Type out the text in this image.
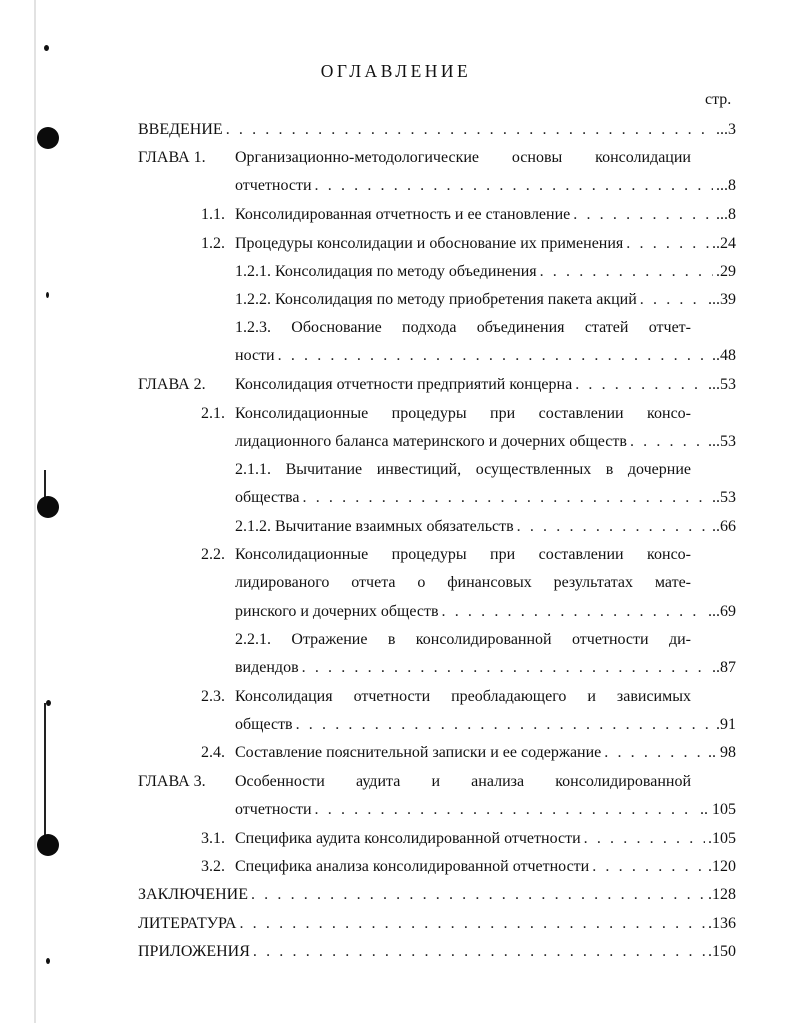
ОГЛАВЛЕНИЕ
стр.
ВВЕДЕНИЕ . . .	...3
ГЛАВА 1. Организационно-методологические основы консолидации
отчетности . . .	...8
1.1. Консолидированная отчетность и ее становление . . .	...8
1.2. Процедуры консолидации и обоснование их применения . . .	..24
1.2.1. Консолидация по методу объединения . . .	.29
1.2.2. Консолидация по методу приобретения пакета акций . . .	...39
1.2.3. Обоснование подхода объединения статей отчет-
ности . . .	..48
ГЛАВА 2. Консолидация отчетности предприятий концерна . . .	...53
2.1. Консолидационные процедуры при составлении консо-
лидационного баланса материнского и дочерних обществ . . .	...53
2.1.1. Вычитание инвестиций, осуществленных в дочерние
общества . . .	..53
2.1.2. Вычитание взаимных обязательств . . .	..66
2.2. Консолидационные процедуры при составлении консо-
лидированого отчета о финансовых результатах мате-
ринского и дочерних обществ . . .	...69
2.2.1. Отражение в консолидированной отчетности ди-
видендов . . .	..87
2.3. Консолидация отчетности преобладающего и зависимых
обществ . . .	.91
2.4. Составление пояснительной записки и ее содержание . . .	.. 98
ГЛАВА 3. Особенности аудита и анализа консолидированной
отчетности . . .	.. 105
3.1. Специфика аудита консолидированной отчетности . . .	.105
3.2. Специфика анализа консолидированной отчетности . . .	.120
ЗАКЛЮЧЕНИЕ . . .	.128
ЛИТЕРАТУРА . . .	.136
ПРИЛОЖЕНИЯ . . .	.150
